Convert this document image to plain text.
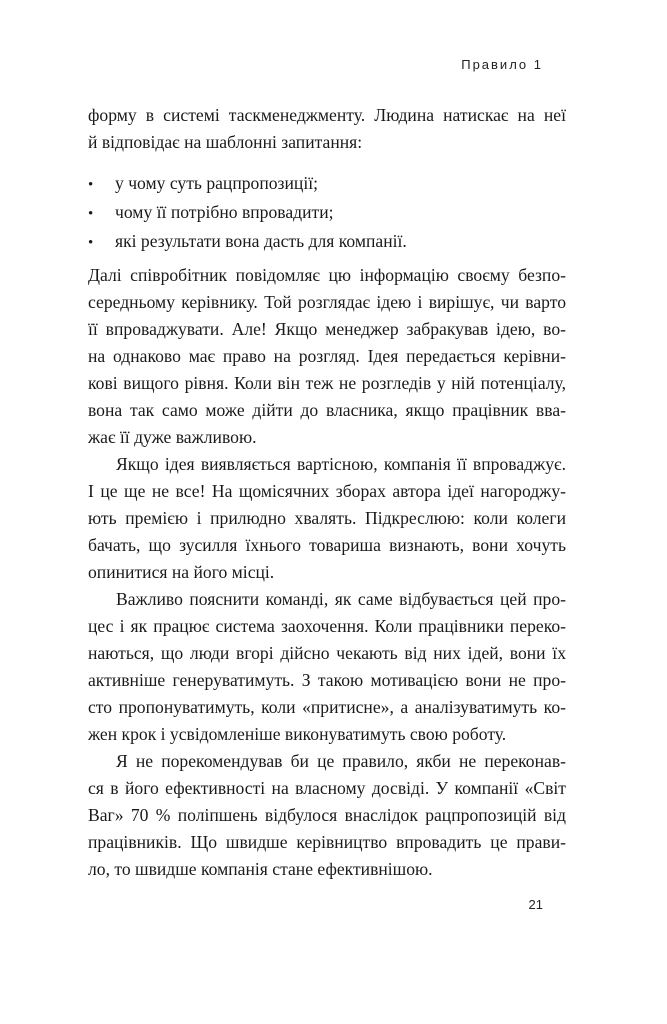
Правило 1
форму в системі таскменеджменту. Людина натискає на неї
й відповідає на шаблонні запитання:
•	у чому суть рацпропозиції;
•	чому її потрібно впровадити;
•	які результати вона дасть для компанії.
Далі співробітник повідомляє цю інформацію своєму безпо-
середньому керівнику. Той розглядає ідею і вирішує, чи варто
її впроваджувати. Але! Якщо менеджер забракував ідею, во-
на однаково має право на розгляд. Ідея передається керівни-
кові вищого рівня. Коли він теж не розгледів у ній потенціалу,
вона так само може дійти до власника, якщо працівник вва-
жає її дуже важливою.
Якщо ідея виявляється вартісною, компанія її впроваджує.
І це ще не все! На щомісячних зборах автора ідеї нагороджу-
ють премією і прилюдно хвалять. Підкреслюю: коли колеги
бачать, що зусилля їхнього товариша визнають, вони хочуть
опинитися на його місці.
Важливо пояснити команді, як саме відбувається цей про-
цес і як працює система заохочення. Коли працівники переко-
наються, що люди вгорі дійсно чекають від них ідей, вони їх
активніше генеруватимуть. З такою мотивацією вони не про-
сто пропонуватимуть, коли «притисне», а аналізуватимуть ко-
жен крок і усвідомленіше виконуватимуть свою роботу.
Я не порекомендував би це правило, якби не переконав-
ся в його ефективності на власному досвіді. У компанії «Світ
Ваг» 70 % поліпшень відбулося внаслідок рацпропозицій від
працівників. Що швидше керівництво впровадить це прави-
ло, то швидше компанія стане ефективнішою.
21
